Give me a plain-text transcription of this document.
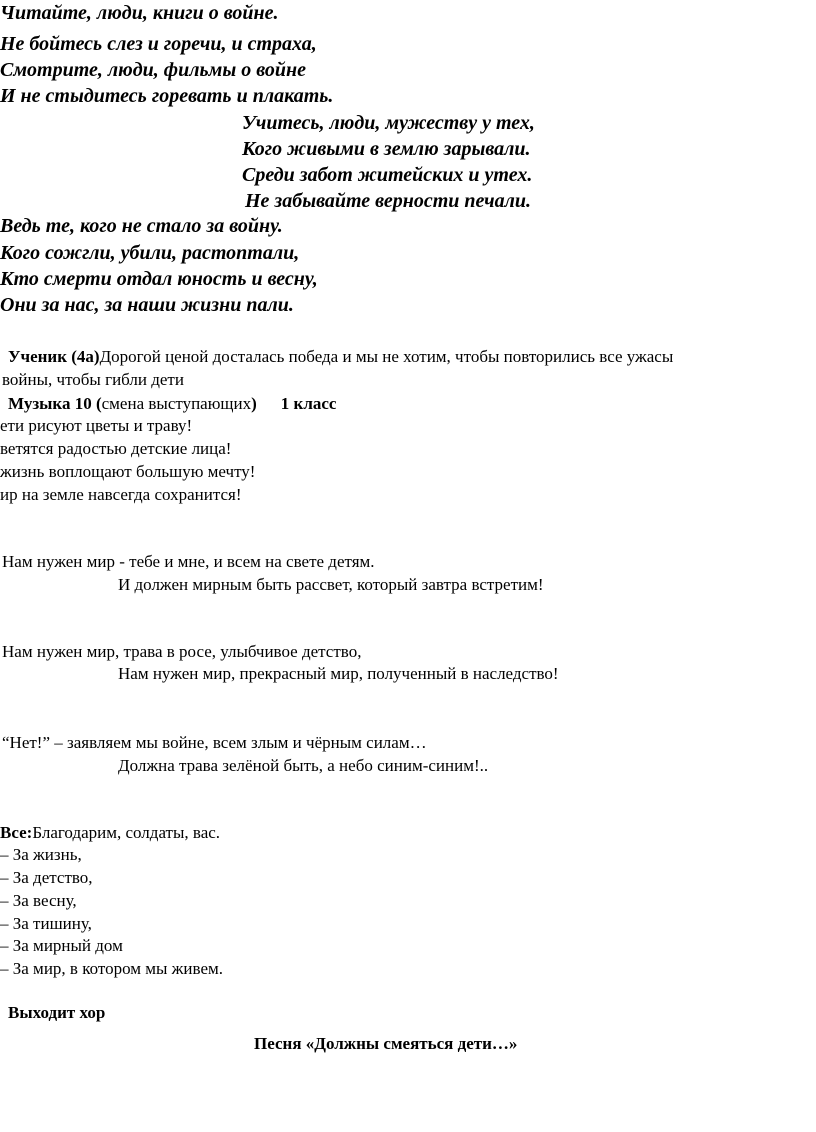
Читайте, люди, книги о войне.
Не бойтесь слез и горечи, и страха,
Смотрите, люди, фильмы о войне
И не стыдитесь горевать и плакать.
Учитесь, люди, мужеству у тех,
Кого живыми в землю зарывали.
Среди забот житейских и утех.
Не забывайте верности печали.
Ведь те, кого не стало за войну.
Кого сожгли, убили, растоптали,
Кто смерти отдал юность и весну,
Они за нас, за наши жизни пали.
Ученик (4а)Дорогой ценой досталась победа и мы не хотим, чтобы повторились все ужасы
войны, чтобы гибли дети
Музыка 10 (смена выступающих) 1 класс
ети рисуют цветы и траву!
ветятся радостью детские лица!
жизнь воплощают большую мечту!
ир на земле навсегда сохранится!
Нам нужен мир - тебе и мне, и всем на свете детям.
И должен мирным быть рассвет, который завтра встретим!
Нам нужен мир, трава в росе, улыбчивое детство,
Нам нужен мир, прекрасный мир, полученный в наследство!
“Нет!” – заявляем мы войне, всем злым и чёрным силам…
Должна трава зелёной быть, а небо синим-синим!..
Все:Благодарим, солдаты, вас.
– За жизнь,
– За детство,
– За весну,
– За тишину,
– За мирный дом
– За мир, в котором мы живем.
Выходит хор
Песня «Должны смеяться дети…»
